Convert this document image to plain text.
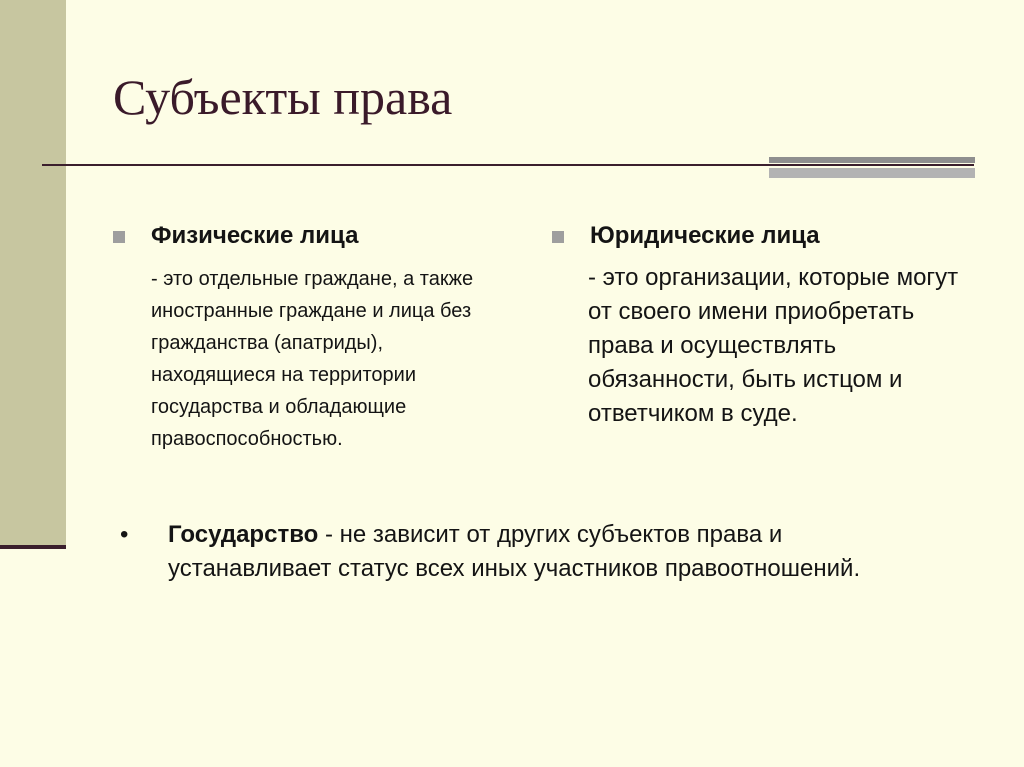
Субъекты права
Физические лица
- это отдельные граждане, а также иностранные граждане и лица без гражданства (апатриды), находящиеся на территории государства и обладающие правоспособностью.
Юридические лица
- это организации, которые могут от своего имени приобретать права и осуществлять обязанности, быть истцом и ответчиком в суде.
• Государство - не зависит от других субъектов права и устанавливает статус всех иных участников правоотношений.
